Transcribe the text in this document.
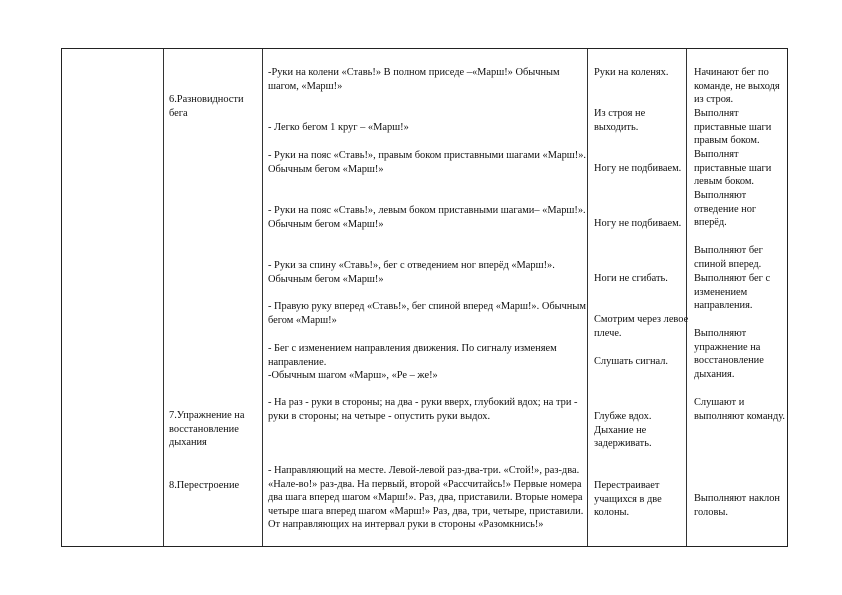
6.Разновидности бега
7.Упражнение на восстановление дыхания
8.Перестроение
-Руки на колени «Ставь!» В полном приседе –«Марш!» Обычным шагом, «Марш!»
- Легко бегом 1 круг – «Марш!»
- Руки на пояс «Ставь!», правым боком приставными шагами «Марш!». Обычным бегом «Марш!»
- Руки на пояс «Ставь!», левым боком приставными шагами– «Марш!». Обычным бегом «Марш!»
- Руки за спину «Ставь!», бег с отведением ног вперёд «Марш!». Обычным бегом «Марш!»
- Правую руку вперед «Ставь!», бег спиной вперед «Марш!». Обычным бегом «Марш!»
- Бег с изменением направления движения. По сигналу изменяем направление.
-Обычным шагом «Марш», «Ре – же!»
- На раз - руки в стороны; на два - руки вверх, глубокий вдох; на три - руки в стороны; на четыре - опустить руки выдох.
- Направляющий на месте. Левой-левой раз-два-три. «Стой!», раз-два. «Нале-во!» раз-два. На первый, второй «Рассчитайсь!» Первые номера два шага вперед шагом «Марш!». Раз, два, приставили. Вторые номера четыре шага вперед шагом «Марш!» Раз, два, три, четыре, приставили. От направляющих на интервал руки в стороны «Разомкнись!»
Руки на коленях.
Из строя не выходить.
Ногу не подбиваем.
Ногу не подбиваем.
Ноги не сгибать.
Смотрим через левое плече.
Слушать сигнал.
Глубже вдох. Дыхание не задерживать.
Перестраивает учащихся в две колоны.
Начинают бег по команде, не выходя из строя.
Выполнят приставные шаги правым боком.
Выполнят приставные шаги левым боком.
Выполняют отведение ног вперёд.
Выполняют бег спиной вперед.
Выполняют бег с изменением направления.
Выполняют упражнение на восстановление дыхания.
Слушают и выполняют команду.
Выполняют наклон головы.
